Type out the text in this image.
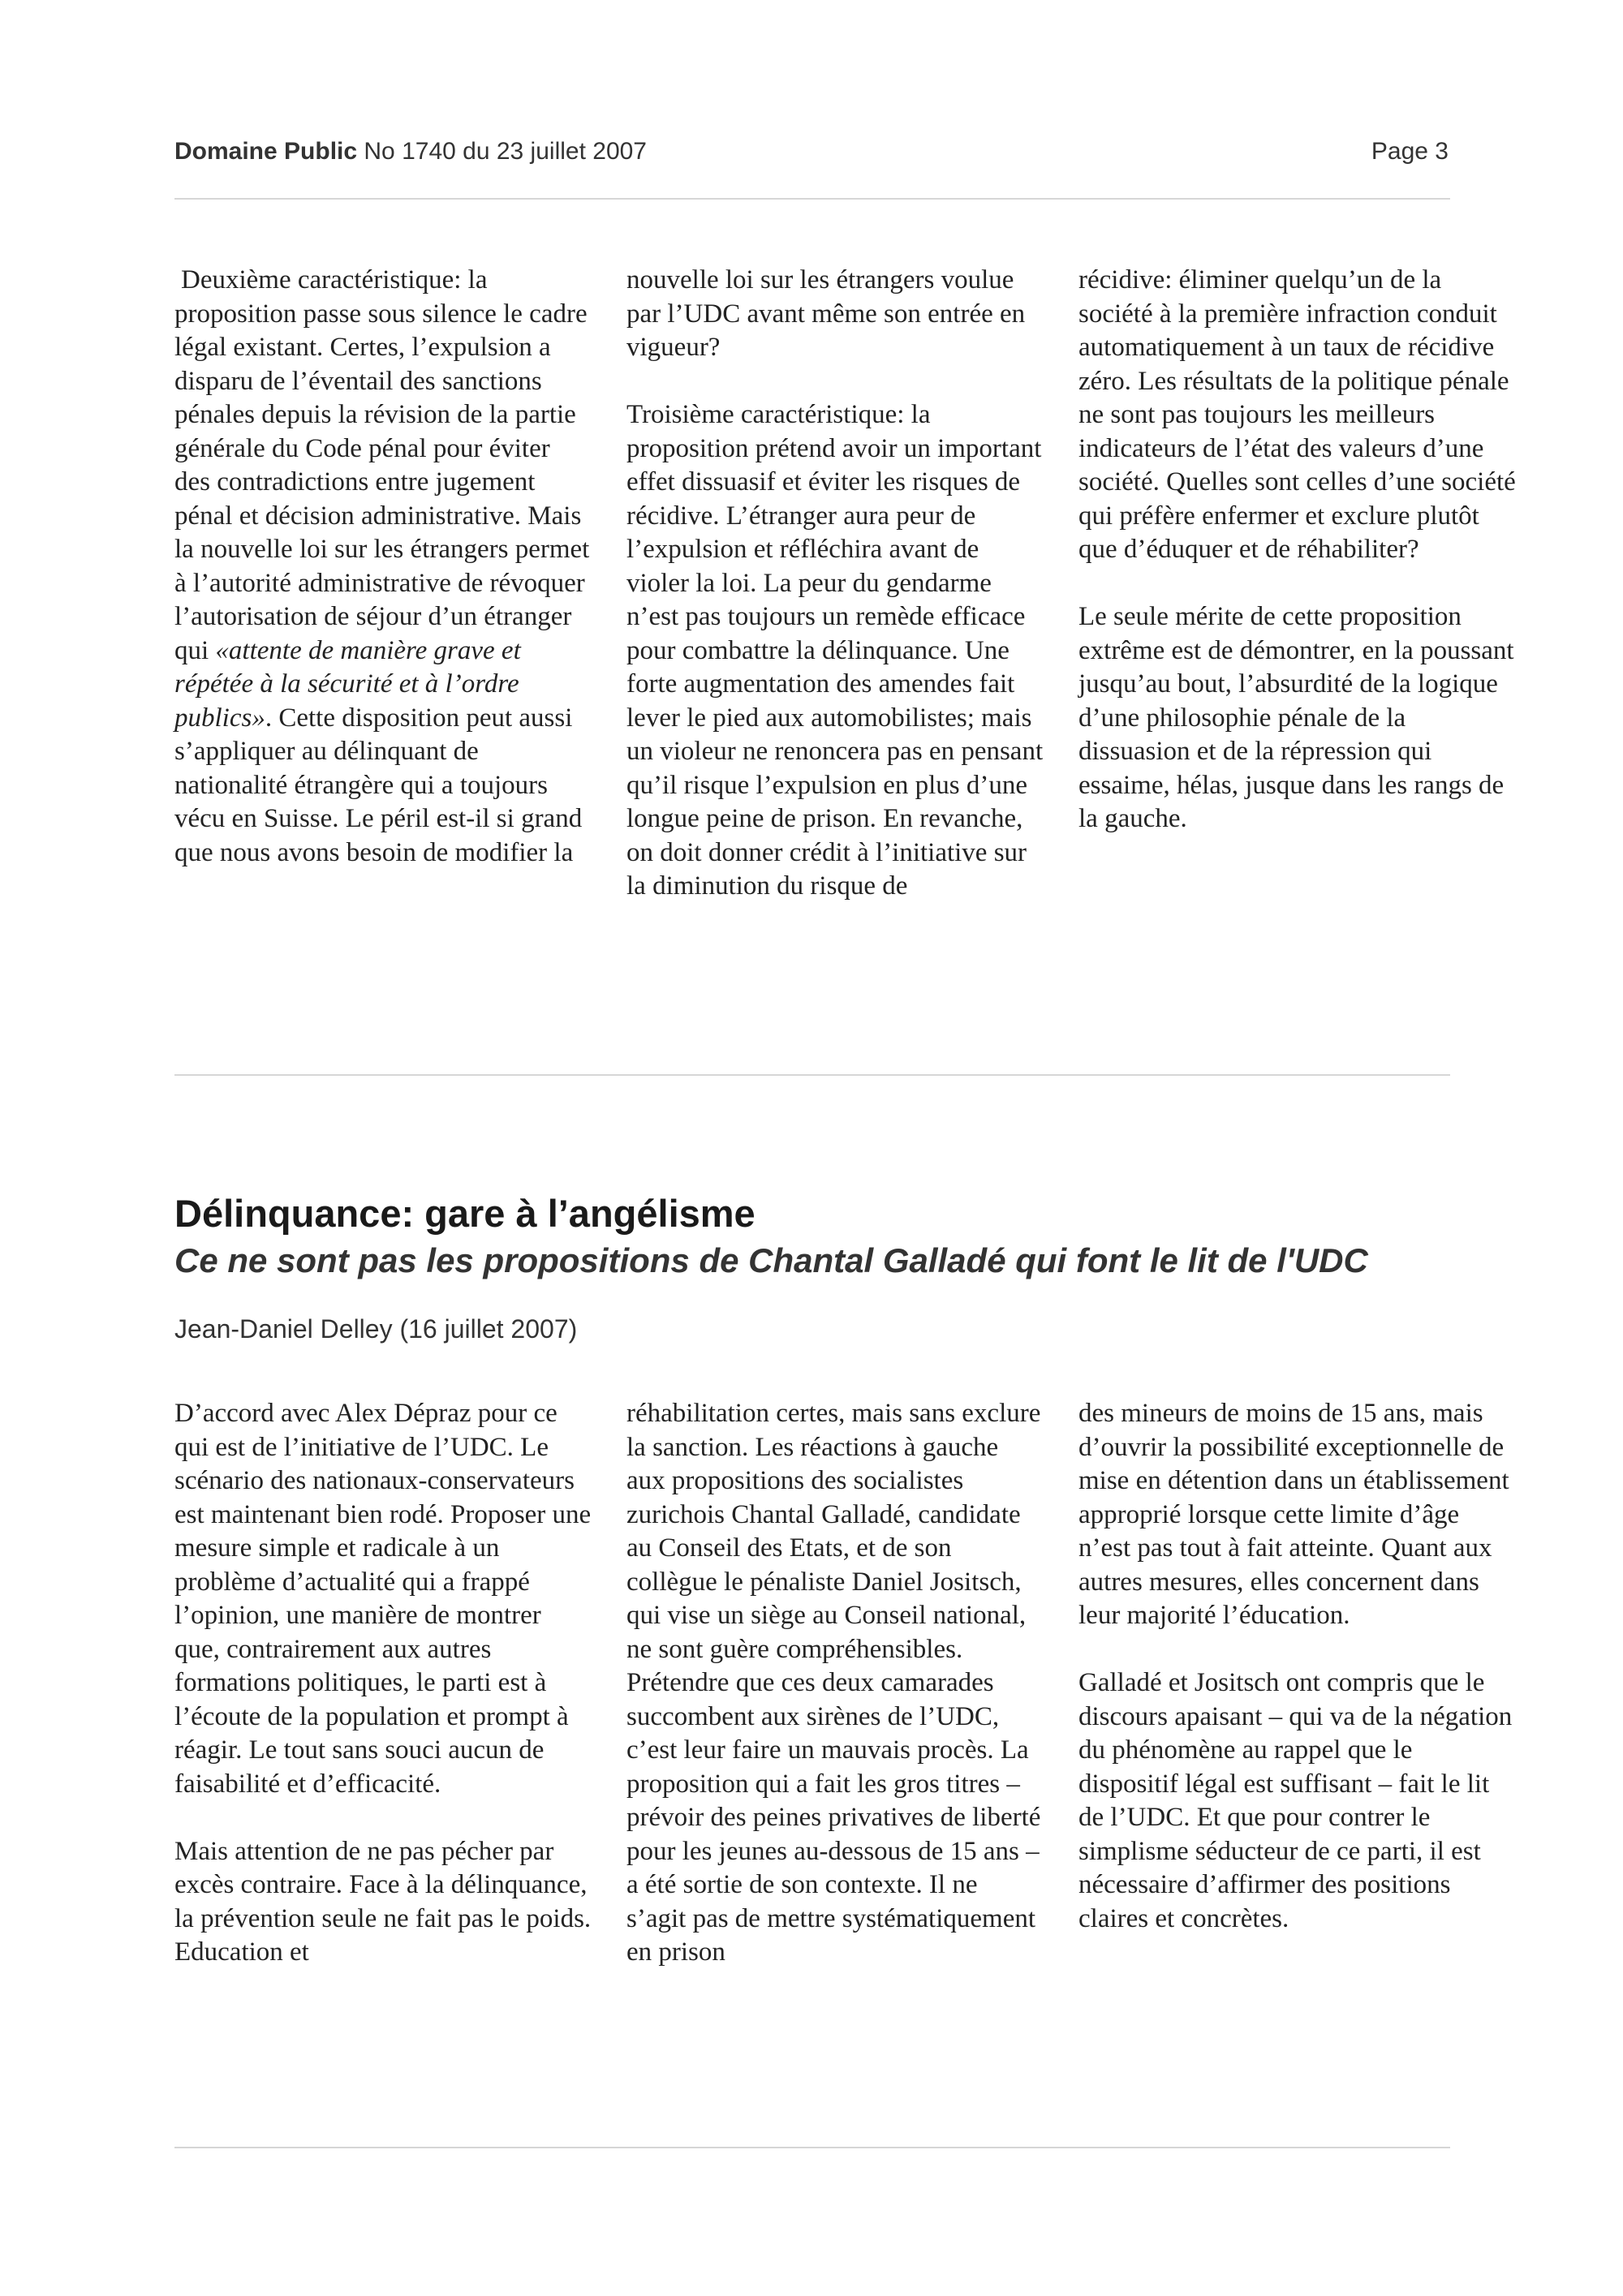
Domaine Public No 1740 du 23 juillet 2007	Page 3

Deuxième caractéristique: la proposition passe sous silence le cadre légal existant. Certes, l’expulsion a disparu de l’éventail des sanctions pénales depuis la révision de la partie générale du Code pénal pour éviter des contradictions entre jugement pénal et décision administrative. Mais la nouvelle loi sur les étrangers permet à l’autorité administrative de révoquer l’autorisation de séjour d’un étranger qui «attente de manière grave et répétée à la sécurité et à l’ordre publics». Cette disposition peut aussi s’appliquer au délinquant de nationalité étrangère qui a toujours vécu en Suisse. Le péril est-il si grand que nous avons besoin de modifier la

nouvelle loi sur les étrangers voulue par l’UDC avant même son entrée en vigueur?

Troisième caractéristique: la proposition prétend avoir un important effet dissuasif et éviter les risques de récidive. L’étranger aura peur de l’expulsion et réfléchira avant de violer la loi. La peur du gendarme n’est pas toujours un remède efficace pour combattre la délinquance. Une forte augmentation des amendes fait lever le pied aux automobilistes; mais un violeur ne renoncera pas en pensant qu’il risque l’expulsion en plus d’une longue peine de prison. En revanche, on doit donner crédit à l’initiative sur la diminution du risque de

récidive: éliminer quelqu’un de la société à la première infraction conduit automatiquement à un taux de récidive zéro. Les résultats de la politique pénale ne sont pas toujours les meilleurs indicateurs de l’état des valeurs d’une société. Quelles sont celles d’une société qui préfère enfermer et exclure plutôt que d’éduquer et de réhabiliter?

Le seule mérite de cette proposition extrême est de démontrer, en la poussant jusqu’au bout, l’absurdité de la logique d’une philosophie pénale de la dissuasion et de la répression qui essaime, hélas, jusque dans les rangs de la gauche.

Délinquance: gare à l’angélisme
Ce ne sont pas les propositions de Chantal Galladé qui font le lit de l'UDC

Jean-Daniel Delley (16 juillet 2007)

D’accord avec Alex Dépraz pour ce qui est de l’initiative de l’UDC. Le scénario des nationaux-conservateurs est maintenant bien rodé. Proposer une mesure simple et radicale à un problème d’actualité qui a frappé l’opinion, une manière de montrer que, contrairement aux autres formations politiques, le parti est à l’écoute de la population et prompt à réagir. Le tout sans souci aucun de faisabilité et d’efficacité.

Mais attention de ne pas pécher par excès contraire. Face à la délinquance, la prévention seule ne fait pas le poids. Education et

réhabilitation certes, mais sans exclure la sanction. Les réactions à gauche aux propositions des socialistes zurichois Chantal Galladé, candidate au Conseil des Etats, et de son collègue le pénaliste Daniel Jositsch, qui vise un siège au Conseil national, ne sont guère compréhensibles. Prétendre que ces deux camarades succombent aux sirènes de l’UDC, c’est leur faire un mauvais procès. La proposition qui a fait les gros titres – prévoir des peines privatives de liberté pour les jeunes au-dessous de 15 ans – a été sortie de son contexte. Il ne s’agit pas de mettre systématiquement en prison

des mineurs de moins de 15 ans, mais d’ouvrir la possibilité exceptionnelle de mise en détention dans un établissement approprié lorsque cette limite d’âge n’est pas tout à fait atteinte. Quant aux autres mesures, elles concernent dans leur majorité l’éducation.

Galladé et Jositsch ont compris que le discours apaisant – qui va de la négation du phénomène au rappel que le dispositif légal est suffisant – fait le lit de l’UDC. Et que pour contrer le simplisme séducteur de ce parti, il est nécessaire d’affirmer des positions claires et concrètes.
